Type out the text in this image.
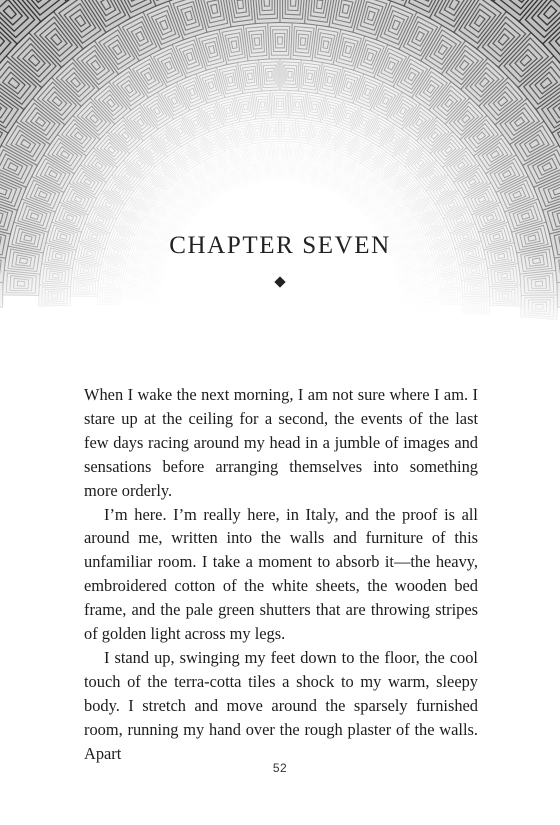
CHAPTER SEVEN

When I wake the next morning, I am not sure where I am. I stare up at the ceiling for a second, the events of the last few days racing around my head in a jumble of images and sensations before arranging themselves into something more orderly.

I’m here. I’m really here, in Italy, and the proof is all around me, written into the walls and furniture of this unfamiliar room. I take a moment to absorb it—the heavy, embroidered cotton of the white sheets, the wooden bed frame, and the pale green shutters that are throwing stripes of golden light across my legs.

I stand up, swinging my feet down to the floor, the cool touch of the terra-cotta tiles a shock to my warm, sleepy body. I stretch and move around the sparsely furnished room, running my hand over the rough plaster of the walls. Apart

52
